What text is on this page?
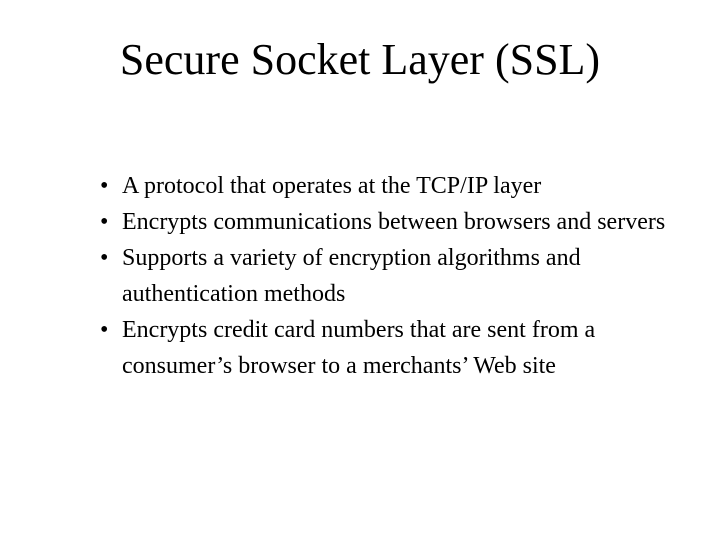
Secure Socket Layer (SSL)
• A protocol that operates at the TCP/IP layer
• Encrypts communications between browsers and servers
• Supports a variety of encryption algorithms and authentication methods
• Encrypts credit card numbers that are sent from a consumer’s browser to a merchants’ Web site
